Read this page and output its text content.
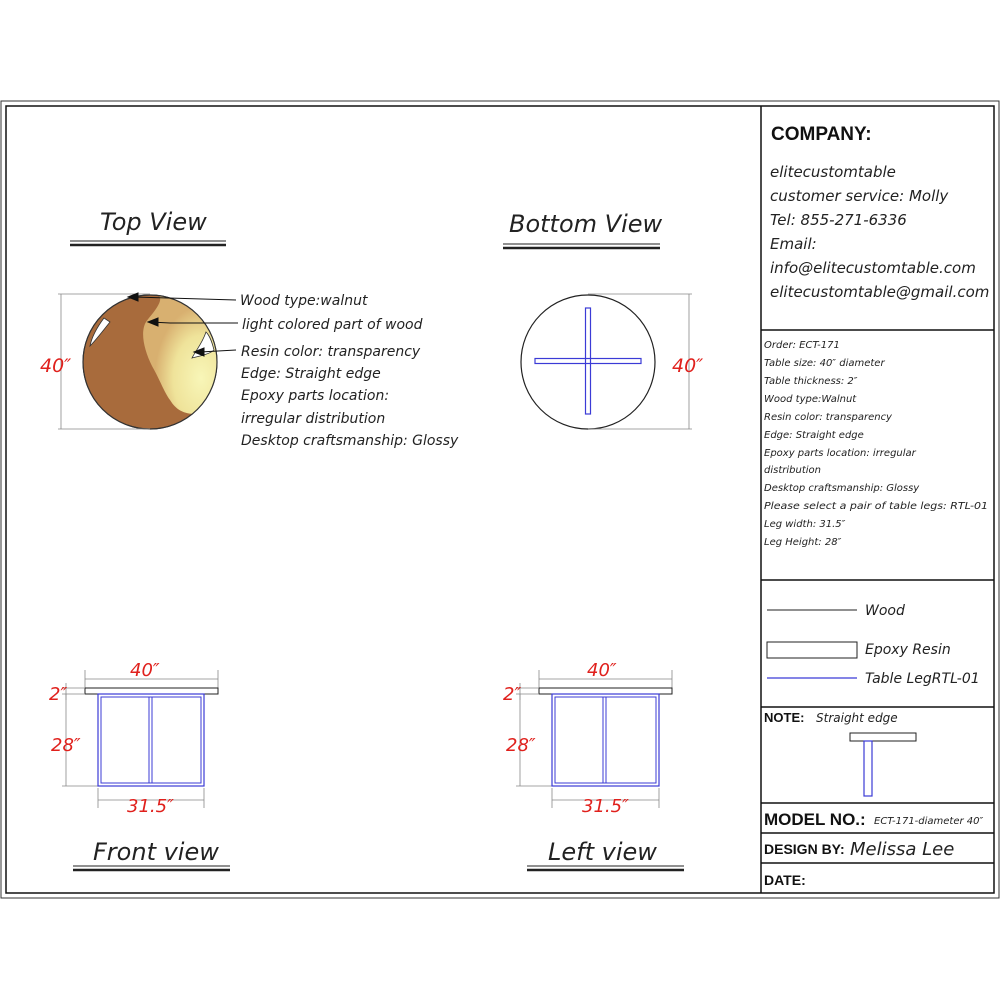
Top View
40″
Wood type:walnut
light colored part of wood
Resin color: transparency
Edge: Straight edge
Epoxy parts location:
irregular distribution
Desktop craftsmanship: Glossy
Bottom View
40″
40″
2″
28″
31.5″
Front view
40″
2″
28″
31.5″
Left view
COMPANY:
elitecustomtable
customer service: Molly
Tel: 855-271-6336
Email:
info@elitecustomtable.com
elitecustomtable@gmail.com
Order: ECT-171
Table size: 40″ diameter
Table thickness: 2″
Wood type:Walnut
Resin color: transparency
Edge: Straight edge
Epoxy parts location: irregular
distribution
Desktop craftsmanship: Glossy
Please select a pair of table legs: RTL-01
Leg width: 31.5″
Leg Height: 28″
Wood
Epoxy Resin
Table LegRTL-01
NOTE: Straight edge
MODEL NO.: ECT-171-diameter 40″
DESIGN BY: Melissa Lee
DATE:
